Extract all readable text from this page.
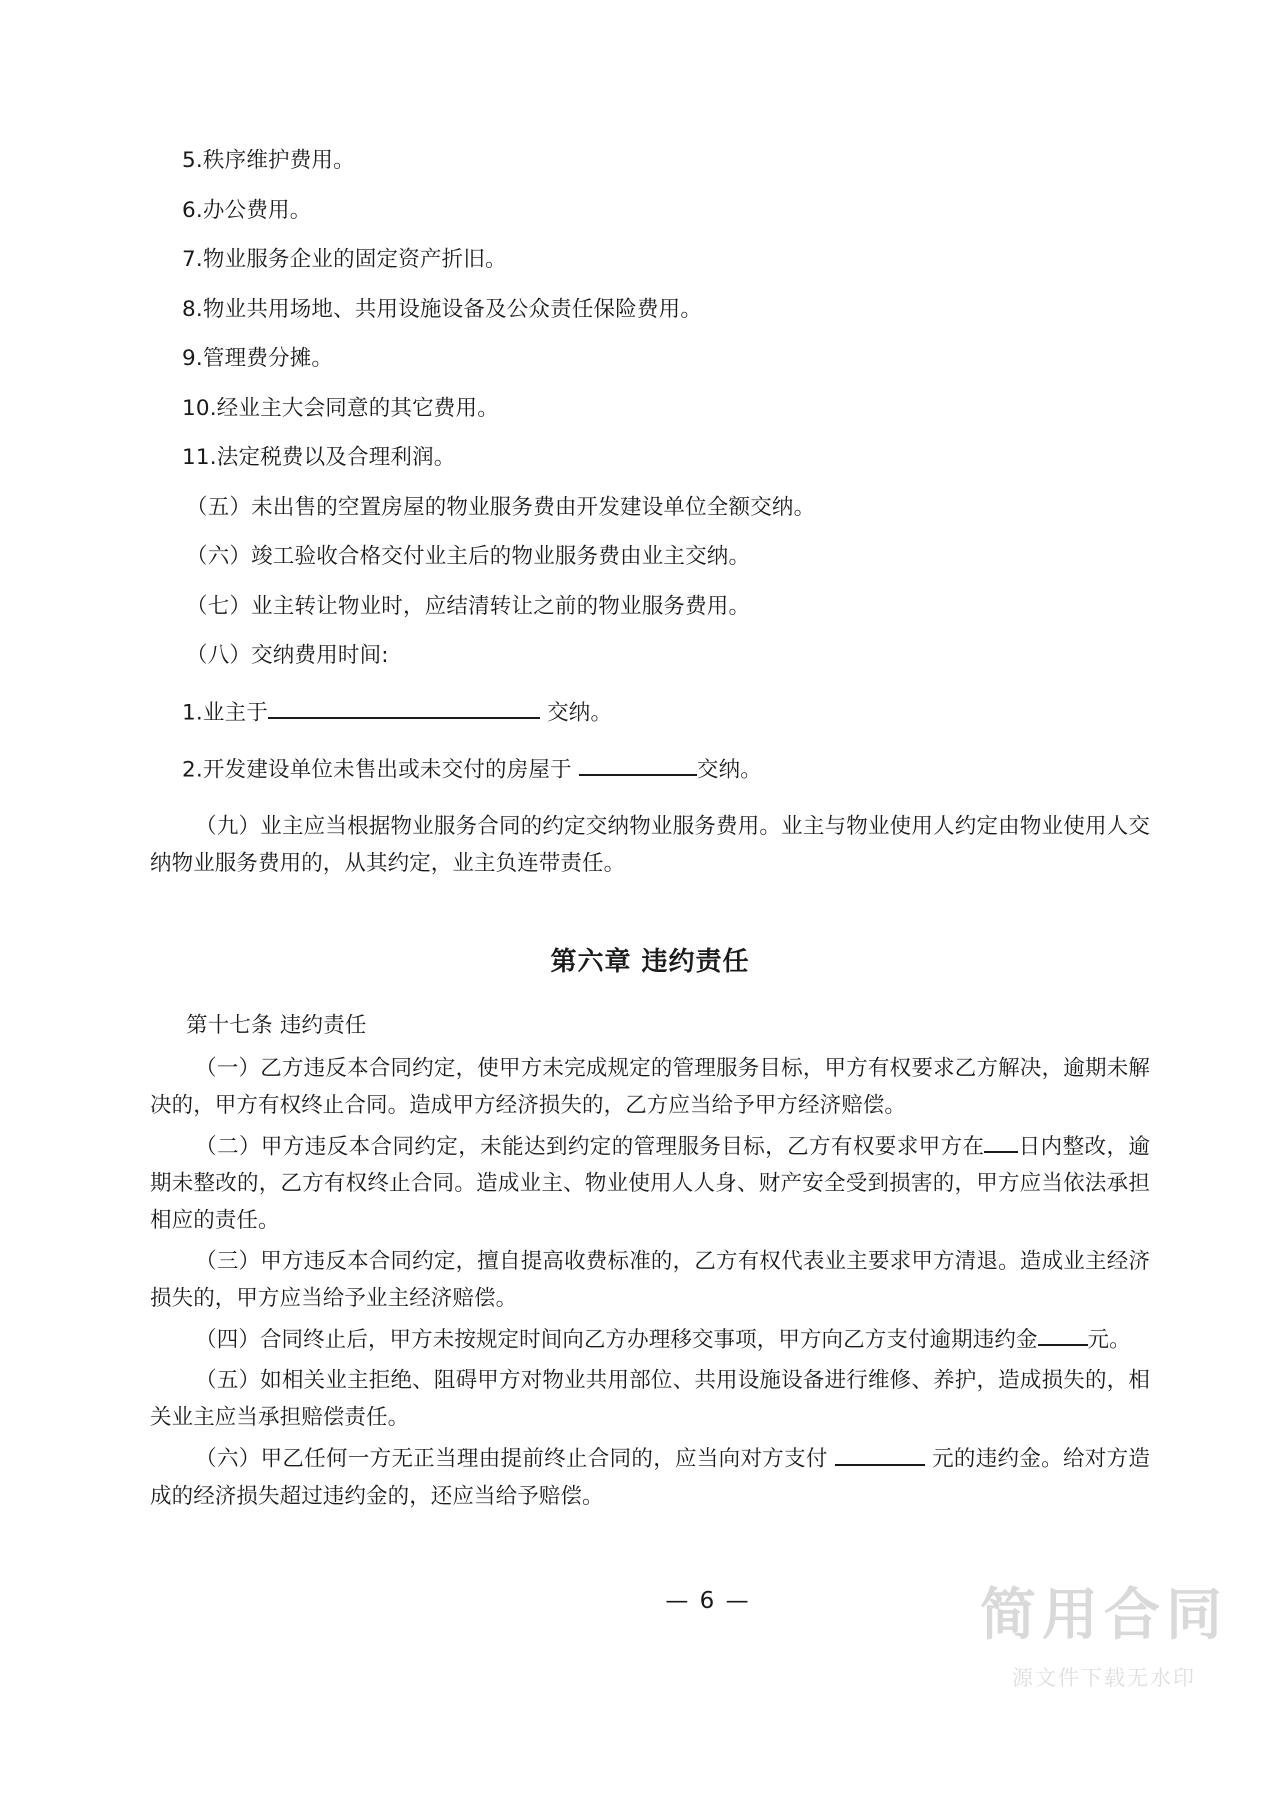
5.秩序维护费用。
6.办公费用。
7.物业服务企业的固定资产折旧。
8.物业共用场地、共用设施设备及公众责任保险费用。
9.管理费分摊。
10.经业主大会同意的其它费用。
11.法定税费以及合理利润。
（五）未出售的空置房屋的物业服务费由开发建设单位全额交纳。
（六）竣工验收合格交付业主后的物业服务费由业主交纳。
（七）业主转让物业时，应结清转让之前的物业服务费用。
（八）交纳费用时间:
1.业主于	交纳。
2.开发建设单位未售出或未交付的房屋于	交纳。
（九）业主应当根据物业服务合同的约定交纳物业服务费用。业主与物业使用人约定由物业使用人交纳物业服务费用的，从其约定，业主负连带责任。
第六章 违约责任
第十七条 违约责任
（一）乙方违反本合同约定，使甲方未完成规定的管理服务目标，甲方有权要求乙方解决，逾期未解决的，甲方有权终止合同。造成甲方经济损失的，乙方应当给予甲方经济赔偿。
（二）甲方违反本合同约定，未能达到约定的管理服务目标，乙方有权要求甲方在 日内整改，逾期未整改的，乙方有权终止合同。造成业主、物业使用人人身、财产安全受到损害的，甲方应当依法承担相应的责任。
（三）甲方违反本合同约定，擅自提高收费标准的，乙方有权代表业主要求甲方清退。造成业主经济损失的，甲方应当给予业主经济赔偿。
（四）合同终止后，甲方未按规定时间向乙方办理移交事项，甲方向乙方支付逾期违约金 元。
（五）如相关业主拒绝、阻碍甲方对物业共用部位、共用设施设备进行维修、养护，造成损失的，相关业主应当承担赔偿责任。
（六）甲乙任何一方无正当理由提前终止合同的，应当向对方支付	元的违约金。给对方造成的经济损失超过违约金的，还应当给予赔偿。
简用合同
源文件下载无水印
— 6 —
